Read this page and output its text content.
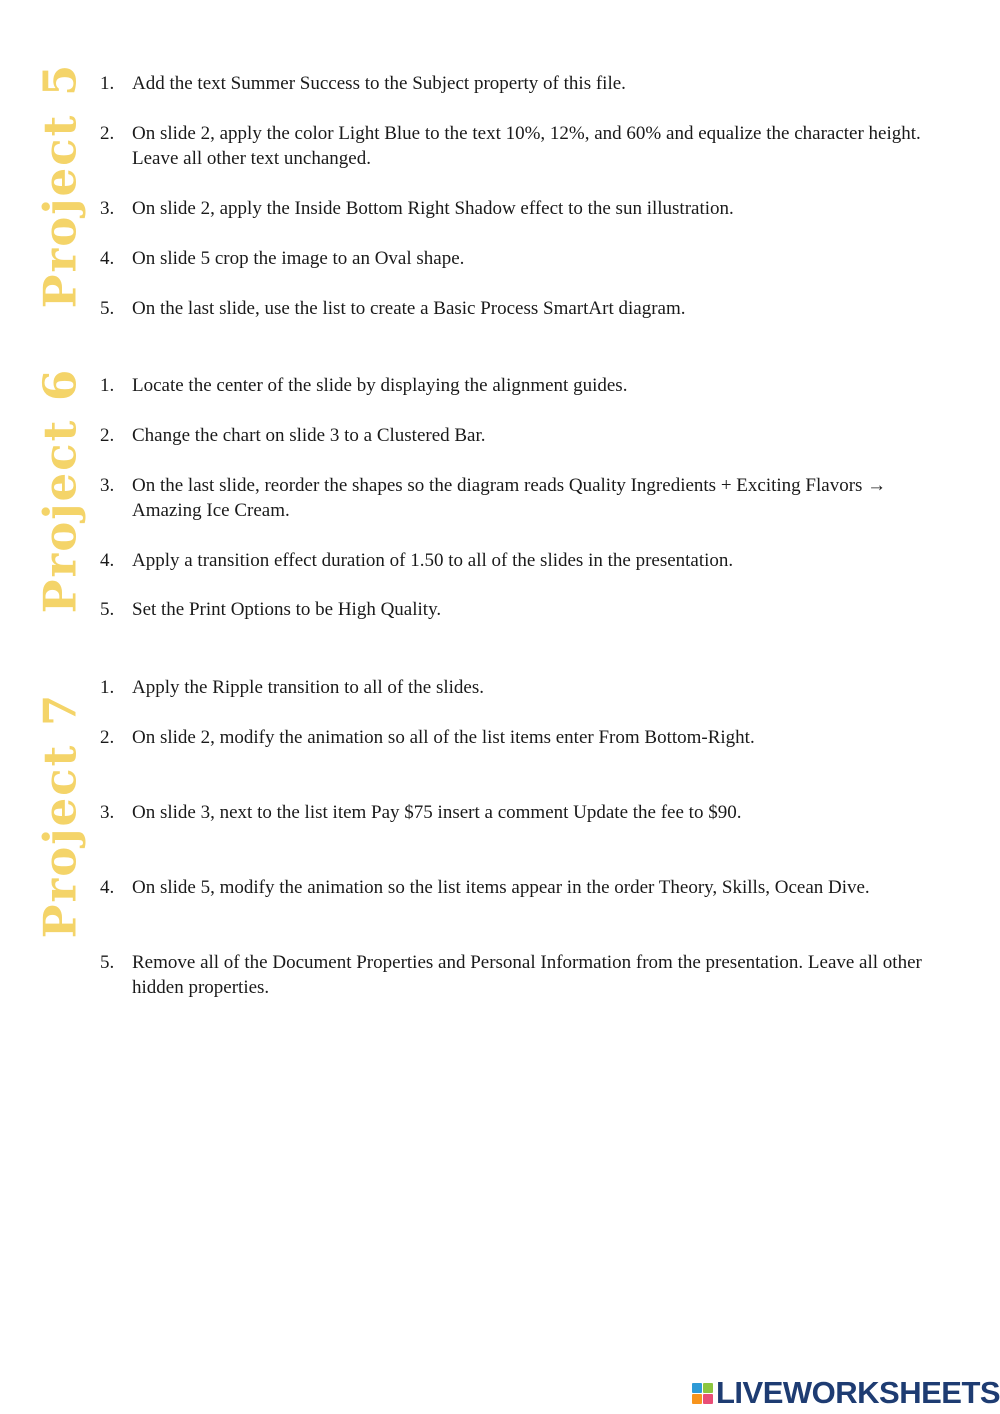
Project 5 1. Add the text Summer Success to the Subject property of this file.
2. On slide 2, apply the color Light Blue to the text 10%, 12%, and 60% and equalize the character height. Leave all other text unchanged.
3. On slide 2, apply the Inside Bottom Right Shadow effect to the sun illustration.
4. On slide 5 crop the image to an Oval shape.
5. On the last slide, use the list to create a Basic Process SmartArt diagram.
Project 6 1. Locate the center of the slide by displaying the alignment guides.
2. Change the chart on slide 3 to a Clustered Bar.
3. On the last slide, reorder the shapes so the diagram reads Quality Ingredients + Exciting Flavors → Amazing Ice Cream.
4. Apply a transition effect duration of 1.50 to all of the slides in the presentation.
5. Set the Print Options to be High Quality.
Project 7
1. Apply the Ripple transition to all of the slides.
2. On slide 2, modify the animation so all of the list items enter From Bottom-Right.
3. On slide 3, next to the list item Pay $75 insert a comment Update the fee to $90.
4. On slide 5, modify the animation so the list items appear in the order Theory, Skills, Ocean Dive.
5. Remove all of the Document Properties and Personal Information from the presentation. Leave all other hidden properties.
LIVEWORKSHEETS
